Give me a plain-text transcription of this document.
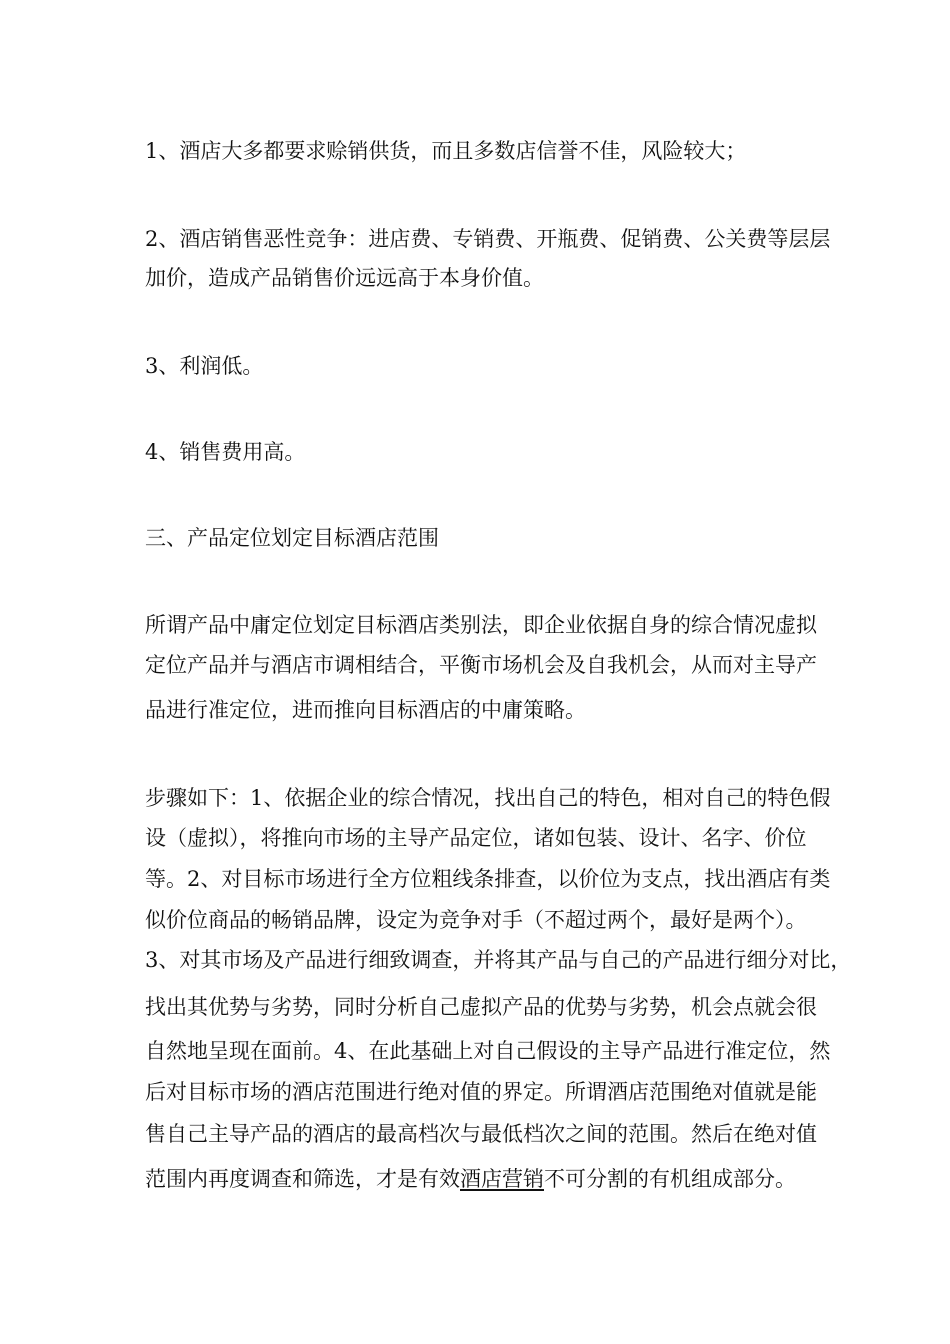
1、酒店大多都要求赊销供货，而且多数店信誉不佳，风险较大；
2、酒店销售恶性竞争：进店费、专销费、开瓶费、促销费、公关费等层层
加价，造成产品销售价远远高于本身价值。
3、利润低。
4、销售费用高。
三、产品定位划定目标酒店范围
所谓产品中庸定位划定目标酒店类别法，即企业依据自身的综合情况虚拟
定位产品并与酒店市调相结合，平衡市场机会及自我机会，从而对主导产
品进行准定位，进而推向目标酒店的中庸策略。
步骤如下：1、依据企业的综合情况，找出自己的特色，相对自己的特色假
设（虚拟），将推向市场的主导产品定位，诸如包装、设计、名字、价位
等。2、对目标市场进行全方位粗线条排查，以价位为支点，找出酒店有类
似价位商品的畅销品牌，设定为竞争对手（不超过两个，最好是两个）。
3、对其市场及产品进行细致调查，并将其产品与自己的产品进行细分对比，
找出其优势与劣势，同时分析自己虚拟产品的优势与劣势，机会点就会很
自然地呈现在面前。4、在此基础上对自己假设的主导产品进行准定位，然
后对目标市场的酒店范围进行绝对值的界定。所谓酒店范围绝对值就是能
售自己主导产品的酒店的最高档次与最低档次之间的范围。然后在绝对值
范围内再度调查和筛选，才是有效酒店营销不可分割的有机组成部分。
